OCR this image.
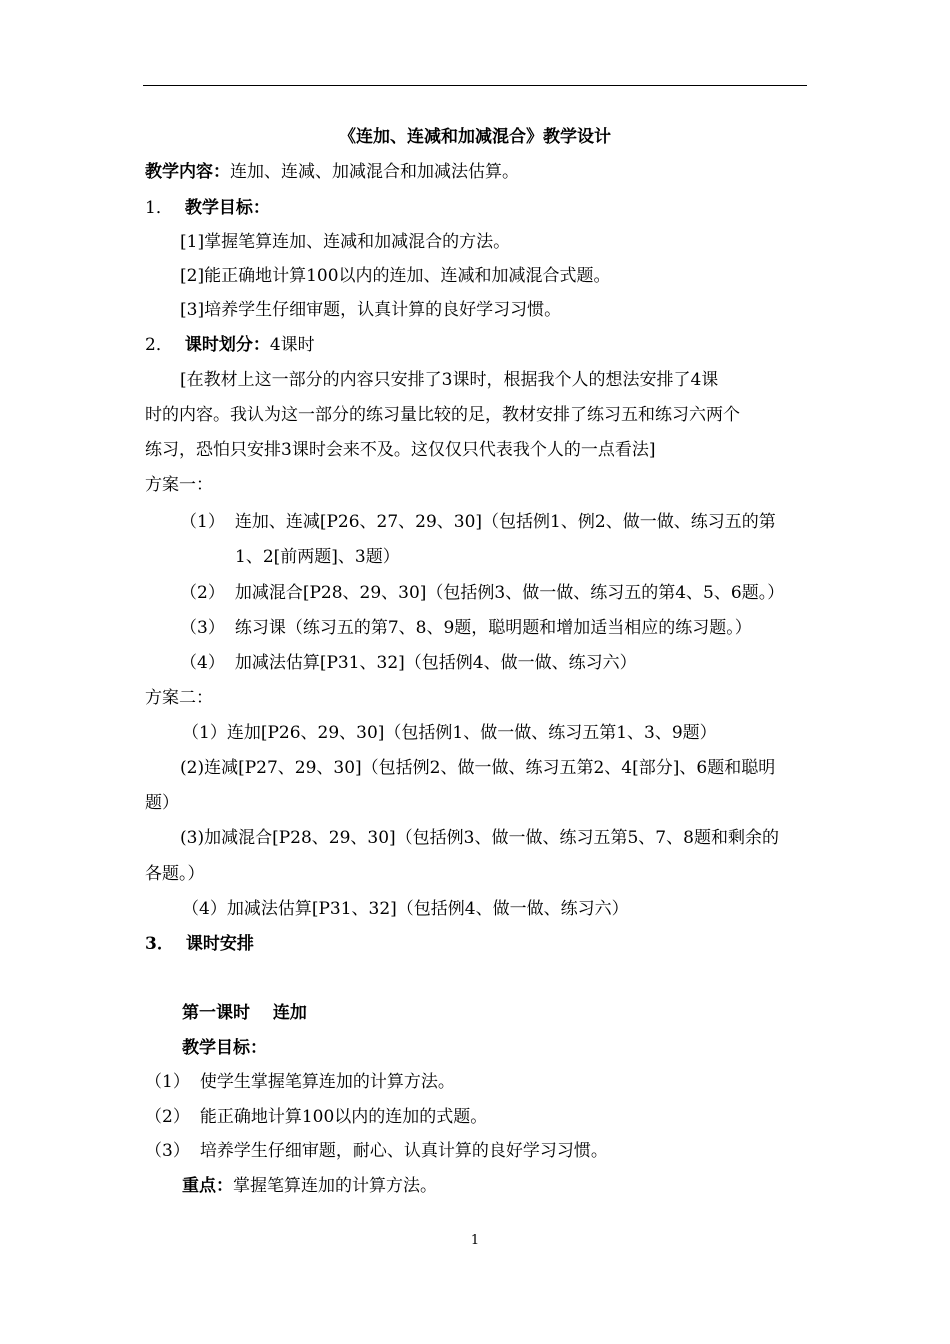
《连加、连减和加减混合》教学设计
教学内容：连加、连减、加减混合和加减法估算。
1． 教学目标：
[1]掌握笔算连加、连减和加减混合的方法。
[2]能正确地计算100以内的连加、连减和加减混合式题。
[3]培养学生仔细审题，认真计算的良好学习习惯。
2． 课时划分：4课时
[在教材上这一部分的内容只安排了3课时，根据我个人的想法安排了4课
时的内容。我认为这一部分的练习量比较的足，教材安排了练习五和练习六两个
练习，恐怕只安排3课时会来不及。这仅仅只代表我个人的一点看法]
方案一：
（1） 连加、连减[P26、27、29、30]（包括例1、例2、做一做、练习五的第
1、2[前两题]、3题）
（2） 加减混合[P28、29、30]（包括例3、做一做、练习五的第4、5、6题。）
（3） 练习课（练习五的第7、8、9题，聪明题和增加适当相应的练习题。）
（4） 加减法估算[P31、32]（包括例4、做一做、练习六）
方案二：
（1）连加[P26、29、30]（包括例1、做一做、练习五第1、3、9题）
(2)连减[P27、29、30]（包括例2、做一做、练习五第2、4[部分]、6题和聪明
题）
(3)加减混合[P28、29、30]（包括例3、做一做、练习五第5、7、8题和剩余的
各题。）
（4）加减法估算[P31、32]（包括例4、做一做、练习六）
3． 课时安排
第一课时　 连加
教学目标：
（1） 使学生掌握笔算连加的计算方法。
（2） 能正确地计算100以内的连加的式题。
（3） 培养学生仔细审题，耐心、认真计算的良好学习习惯。
重点：掌握笔算连加的计算方法。
1
